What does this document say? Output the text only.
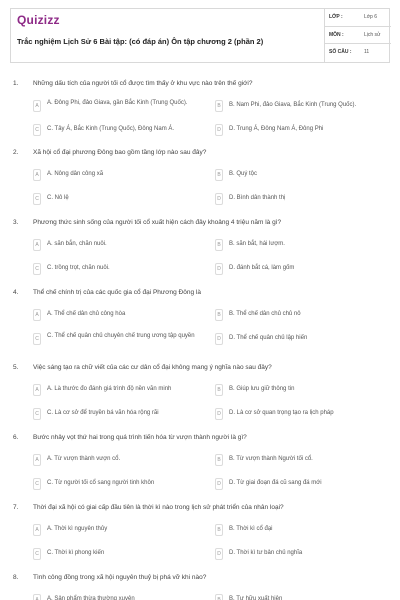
Quizizz
Trắc nghiệm Lịch Sử 6 Bài tập: (có đáp án) Ôn tập chương 2 (phần 2)
LỚP :	Lớp 6
MÔN :	Lịch sử
SỐ CÂU :	11
1. Những dấu tích của người tối cổ được tìm thấy ở khu vực nào trên thế giới?
A	A. Đông Phi, đảo Giava, gần Bắc Kinh (Trung Quốc).	B	B. Nam Phi, đảo Giava, Bắc Kinh (Trung Quốc).
C	C. Tây Á, Bắc Kinh (Trung Quốc), Đông Nam Á.	D	D. Trung Á, Đông Nam Á, Đông Phi
2. Xã hội cổ đại phương Đông bao gồm tầng lớp nào sau đây?
A	A. Nông dân công xã	B	B. Quý tộc
C	C. Nô lệ	D	D. Bình dân thành thị
3. Phương thức sinh sống của người tối cổ xuất hiện cách đây khoảng 4 triệu năm là gì?
A	A. săn bắn, chăn nuôi.	B	B. săn bắt, hái lượm.
C	C. trồng trọt, chăn nuôi.	D	D. đánh bắt cá, làm gốm
4. Thể chế chính trị của các quốc gia cổ đại Phương Đông là
A	A. Thể chế dân chủ công hòa	B	B. Thể chế dân chủ chủ nô
C	C. Thể chế quân chủ chuyên chế trung ương tập quyền	D	D. Thể chế quân chủ lập hiến
5. Việc sáng tạo ra chữ viết của các cư dân cổ đại không mang ý nghĩa nào sau đây?
A	A. Là thước đo đánh giá trình độ nền văn minh	B	B. Giúp lưu giữ thông tin
C	C. Là cơ sở để truyền bá văn hóa rộng rãi	D	D. Là cơ sở quan trọng tạo ra lịch pháp
6. Bước nhảy vọt thứ hai trong quá trình tiến hóa từ vượn thành người là gì?
A	A. Từ vượn thành vượn cổ.	B	B. Từ vượn thành Người tối cổ.
C	C. Từ người tối cổ sang người tinh khôn	D	D. Từ giai đoạn đá cũ sang đá mới
7. Thời đại xã hội có giai cấp đầu tiên là thời kì nào trong lịch sử phát triển của nhân loại?
A	A. Thời kì nguyên thủy	B	B. Thời kì cổ đại
C	C. Thời kì phong kiến	D	D. Thời kì tư bản chủ nghĩa
8. Tình công đồng trong xã hội nguyên thuỷ bị phá vỡ khi nào?
A	A. Sản phẩm thừa thường xuyên	B	B. Tư hữu xuất hiện
